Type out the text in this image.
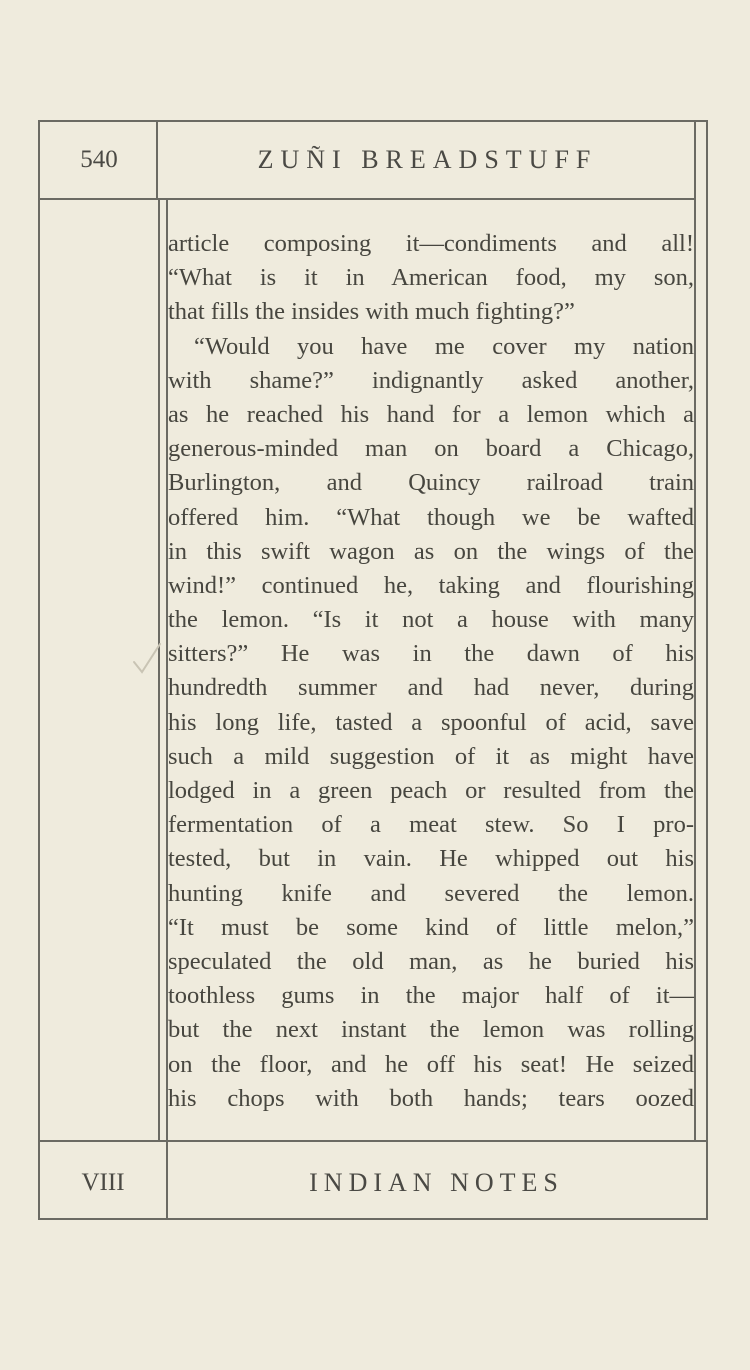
540	ZUÑI BREADSTUFF
article composing it—condiments and all!
“What is it in American food, my son,
that fills the insides with much fighting?”
“Would you have me cover my nation
with shame?” indignantly asked another,
as he reached his hand for a lemon which a
generous-minded man on board a Chicago,
Burlington, and Quincy railroad train
offered him. “What though we be wafted
in this swift wagon as on the wings of the
wind!” continued he, taking and flourishing
the lemon. “Is it not a house with many
sitters?” He was in the dawn of his
hundredth summer and had never, during
his long life, tasted a spoonful of acid, save
such a mild suggestion of it as might have
lodged in a green peach or resulted from the
fermentation of a meat stew. So I pro-
tested, but in vain. He whipped out his
hunting knife and severed the lemon.
“It must be some kind of little melon,”
speculated the old man, as he buried his
toothless gums in the major half of it—
but the next instant the lemon was rolling
on the floor, and he off his seat! He seized
his chops with both hands; tears oozed
VIII	INDIAN NOTES
